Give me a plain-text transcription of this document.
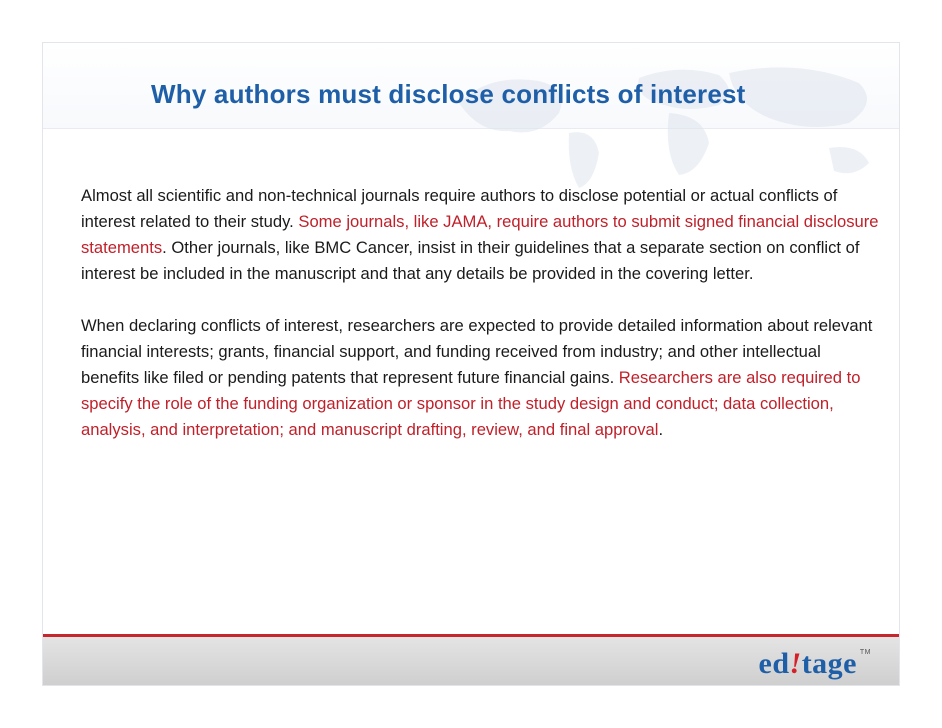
Why authors must disclose conflicts of interest

Almost all scientific and non-technical journals require authors to disclose potential or actual conflicts of interest related to their study. Some journals, like JAMA, require authors to submit signed financial disclosure statements. Other journals, like BMC Cancer, insist in their guidelines that a separate section on conflict of interest be included in the manuscript and that any details be provided in the covering letter.

When declaring conflicts of interest, researchers are expected to provide detailed information about relevant financial interests; grants, financial support, and funding received from industry; and other intellectual benefits like filed or pending patents that represent future financial gains. Researchers are also required to specify the role of the funding organization or sponsor in the study design and conduct; data collection, analysis, and interpretation; and manuscript drafting, review, and final approval.

ed!tage TM
